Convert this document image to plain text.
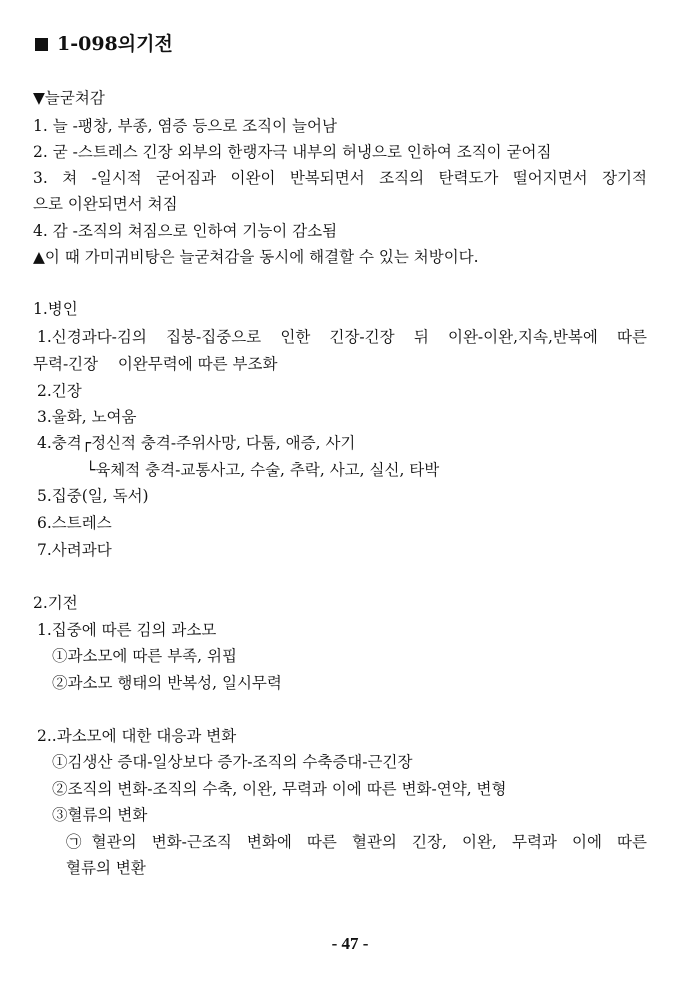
1-098의기전
▼늘굳쳐감
1. 늘 -팽창, 부종, 염증 등으로 조직이 늘어남
2. 굳 -스트레스 긴장 외부의 한랭자극 내부의 허냉으로 인하여 조직이 굳어짐
3. 쳐 -일시적 굳어짐과 이완이 반복되면서 조직의 탄력도가 떨어지면서 장기적
으로 이완되면서 쳐짐
4. 감 -조직의 쳐짐으로 인하여 기능이 감소됨
▲이 때 가미귀비탕은 늘굳쳐감을 동시에 해결할 수 있는 처방이다.
1.병인
1.신경과다-김의 집붕-집중으로 인한 긴장-긴장 뒤 이완-이완,지속,반복에 따른
무력-긴장    이완무력에 따른 부조화
2.긴장
3.울화, 노여움
4.충격┌정신적 충격-주위사망, 다툼, 애증, 사기
└육체적 충격-교통사고, 수술, 추락, 사고, 실신, 타박
5.집중(일, 독서)
6.스트레스
7.사려과다
2.기전
1.집중에 따른 김의 과소모
①과소모에 따른 부족, 위핍
②과소모 행태의 반복성, 일시무력
2..과소모에 대한 대응과 변화
①김생산 증대-일상보다 증가-조직의 수축증대-근긴장
②조직의 변화-조직의 수축, 이완, 무력과 이에 따른 변화-연약, 변형
③혈류의 변화
㉠혈관의 변화-근조직 변화에 따른 혈관의 긴장, 이완, 무력과 이에 따른
혈류의 변환
- 47 -
